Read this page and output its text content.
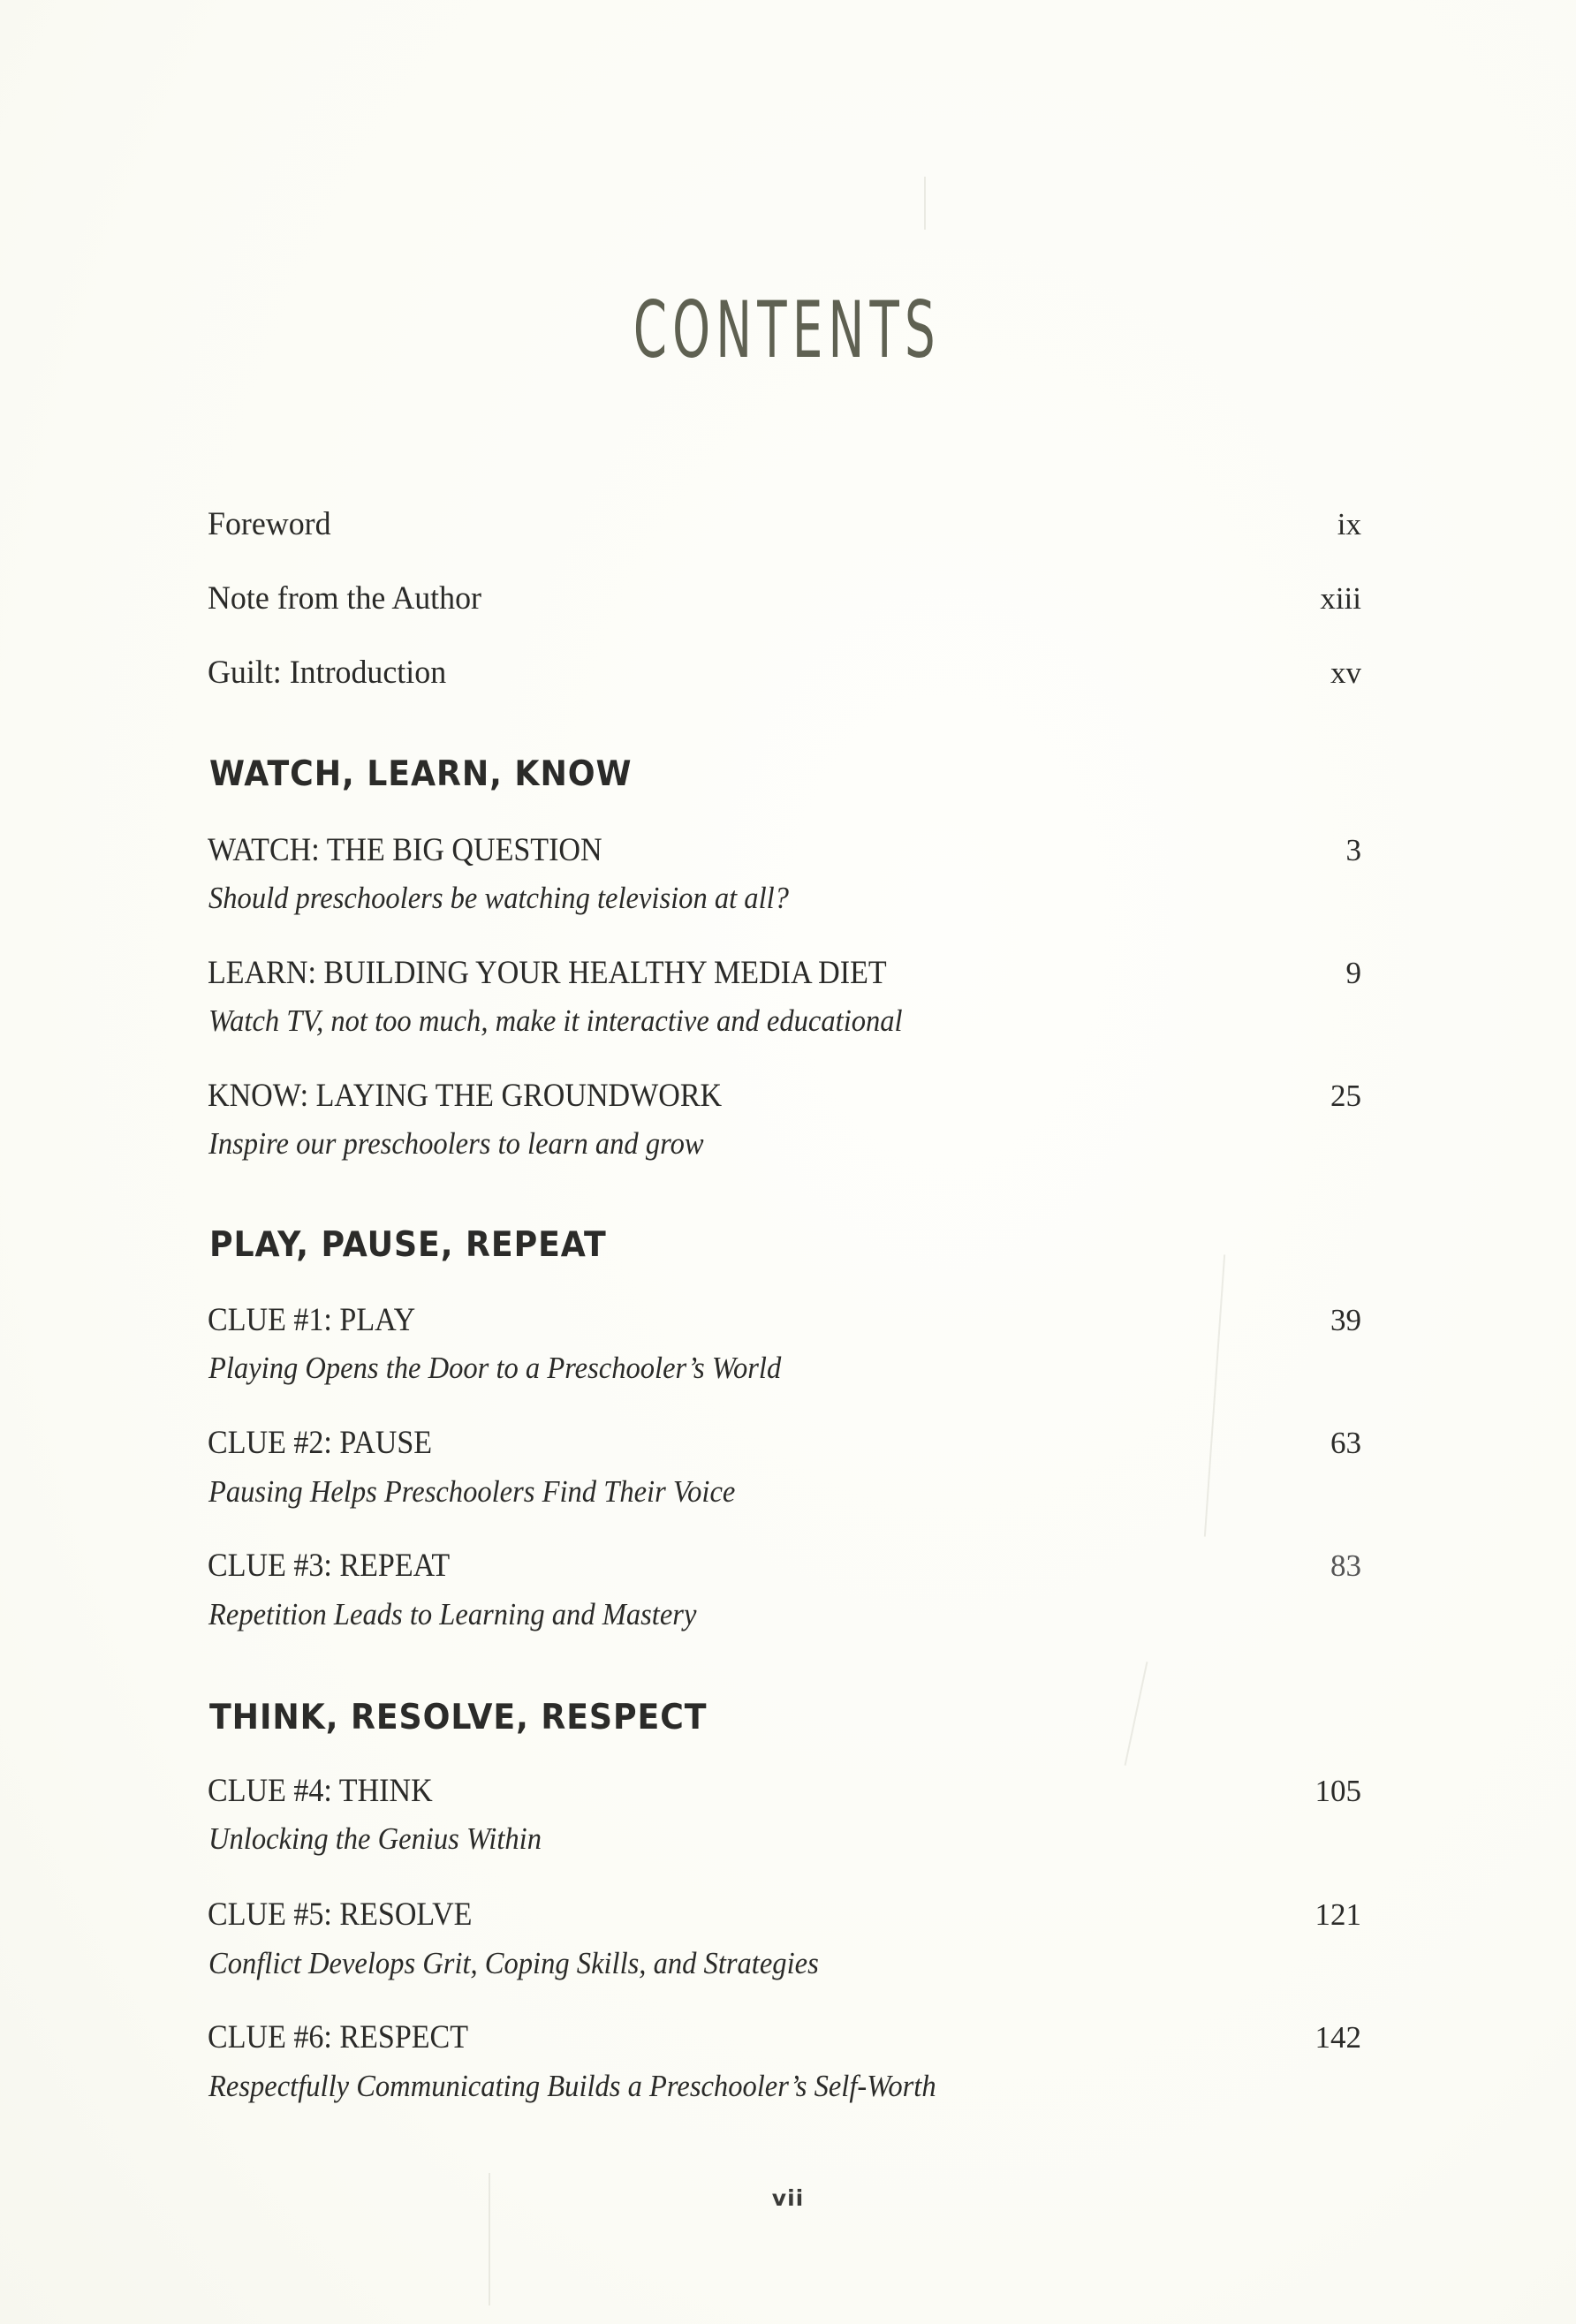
CONTENTS
Foreword	ix
Note from the Author	xiii
Guilt: Introduction	xv
WATCH, LEARN, KNOW
WATCH: THE BIG QUESTION	3
Should preschoolers be watching television at all?
LEARN: BUILDING YOUR HEALTHY MEDIA DIET	9
Watch TV, not too much, make it interactive and educational
KNOW: LAYING THE GROUNDWORK	25
Inspire our preschoolers to learn and grow
PLAY, PAUSE, REPEAT
CLUE #1: PLAY	39
Playing Opens the Door to a Preschooler’s World
CLUE #2: PAUSE	63
Pausing Helps Preschoolers Find Their Voice
CLUE #3: REPEAT	83
Repetition Leads to Learning and Mastery
THINK, RESOLVE, RESPECT
CLUE #4: THINK	105
Unlocking the Genius Within
CLUE #5: RESOLVE	121
Conflict Develops Grit, Coping Skills, and Strategies
CLUE #6: RESPECT	142
Respectfully Communicating Builds a Preschooler’s Self-Worth
vii
